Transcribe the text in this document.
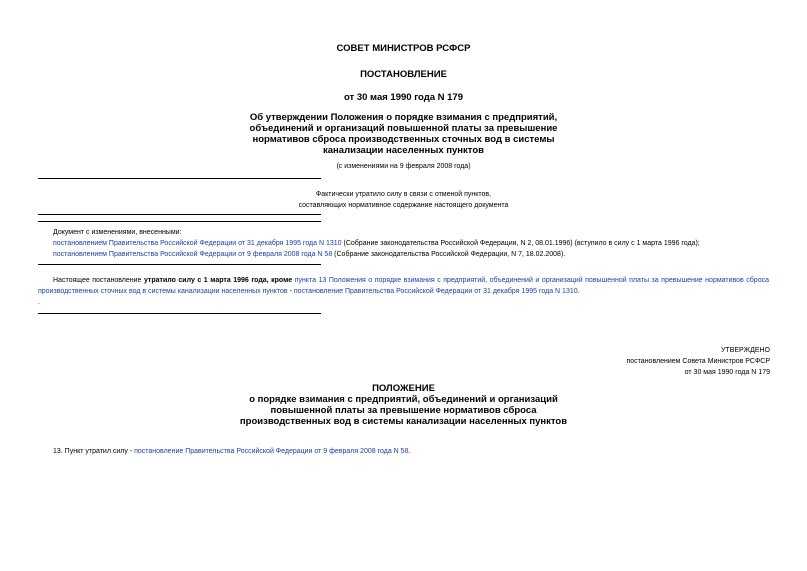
СОВЕТ МИНИСТРОВ РСФСР
ПОСТАНОВЛЕНИЕ
от 30 мая 1990 года N 179
Об утверждении Положения о порядке взимания с предприятий,
объединений и организаций повышенной платы за превышение
нормативов сброса производственных сточных вод в системы
канализации населенных пунктов
(с изменениями на 9 февраля 2008 года)
Фактически утратило силу в связи с отменой пунктов,
составляющих нормативное содержание настоящего документа
Документ с изменениями, внесенными:
постановлением Правительства Российской Федерации от 31 декабря 1995 года N 1310 (Собрание законодательства Российской Федерации, N 2, 08.01.1996) (вступило в силу с 1 марта 1996 года);
постановлением Правительства Российской Федерации от 9 февраля 2008 года N 58 (Собрание законодательства Российской Федерации, N 7, 18.02.2008).
Настоящее постановление утратило силу с 1 марта 1996 года, кроме пункта 13 Положения о порядке взимания с предприятий, объединений и организаций повышенной платы за превышение нормативов сброса производственных сточных вод в системы канализации населенных пунктов - постановление Правительства Российской Федерации от 31 декабря 1995 года N 1310.
.
УТВЕРЖДЕНО
постановлением Совета Министров РСФСР
от 30 мая 1990 года N 179
ПОЛОЖЕНИЕ
о порядке взимания с предприятий, объединений и организаций
повышенной платы за превышение нормативов сброса
производственных вод в системы канализации населенных пунктов
13. Пункт утратил силу - постановление Правительства Российской Федерации от 9 февраля 2008 года N 58.
